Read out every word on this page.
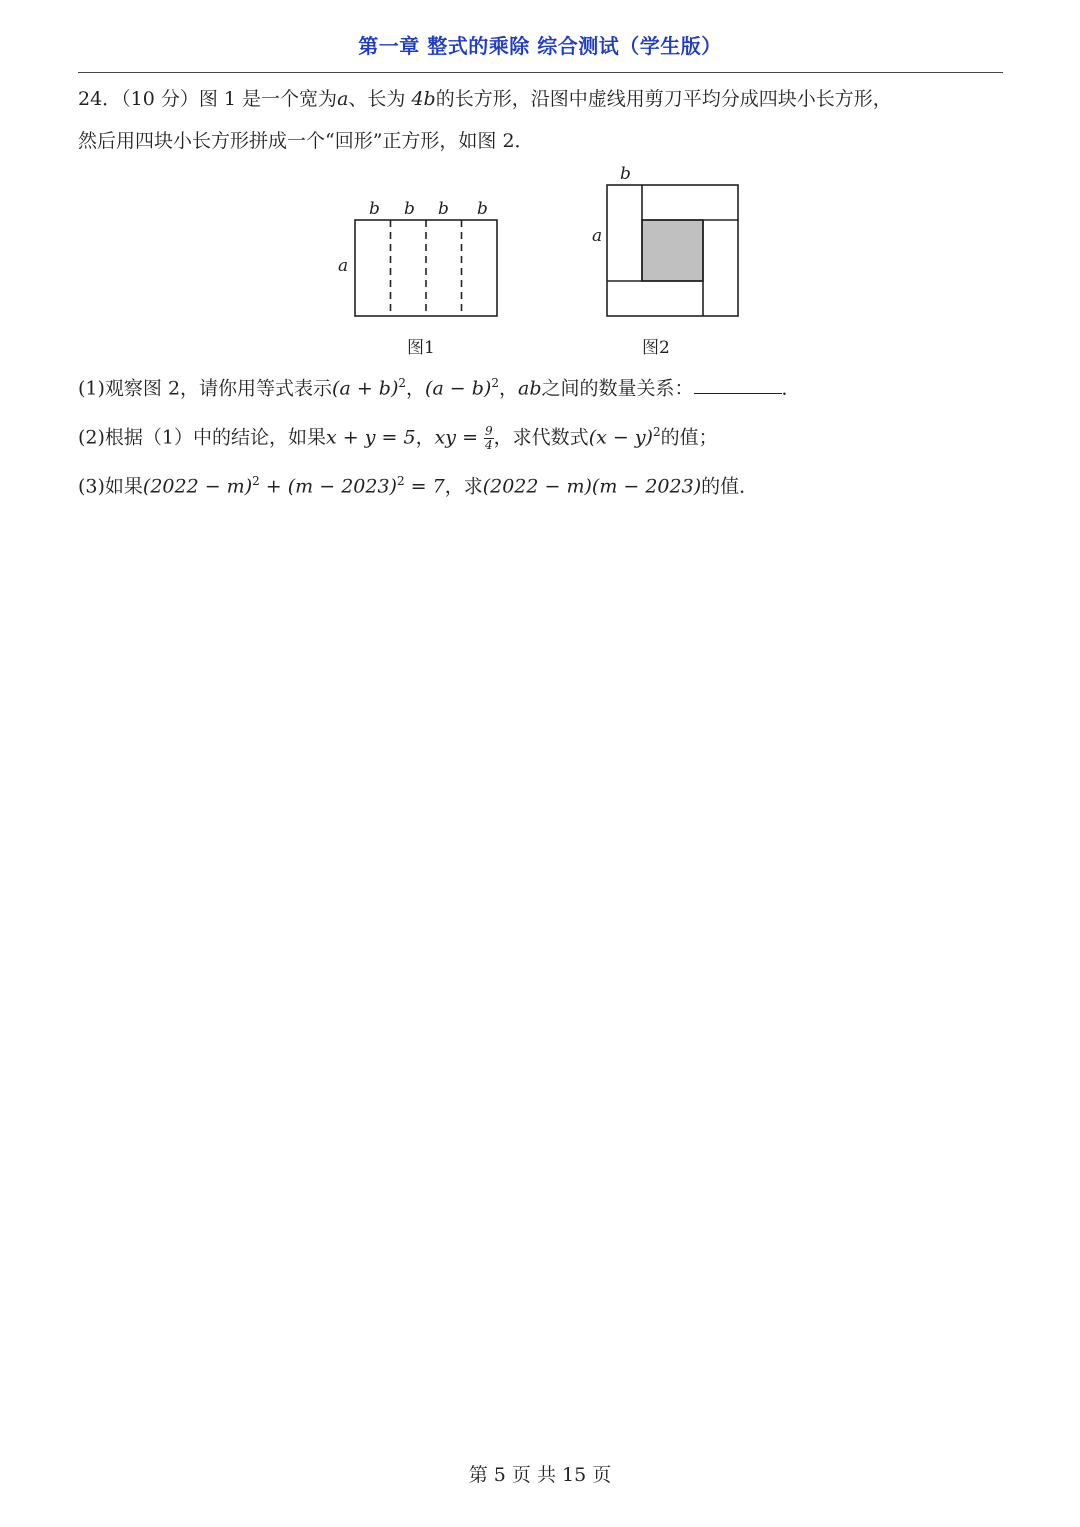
第一章 整式的乘除 综合测试（学生版）
24．（10 分）图 1 是一个宽为a、长为 4b的长方形，沿图中虚线用剪刀平均分成四块小长方形，
然后用四块小长方形拼成一个“回形”正方形，如图 2．
b b b b
a
图1
b
a
图2
(1)观察图 2，请你用等式表示$(a + b)^2$，$(a - b)^2$，ab之间的数量关系：	．
(2)根据（1）中的结论，如果x + y = 5，xy = $\frac{9}{4}$ ，求代数式$(x - y)^2$的值；
(3)如果$(2022 - m)^2 + (m - 2023)^2 = 7$，求(2022 − m)(m − 2023)的值．
第 5 页 共 15 页
